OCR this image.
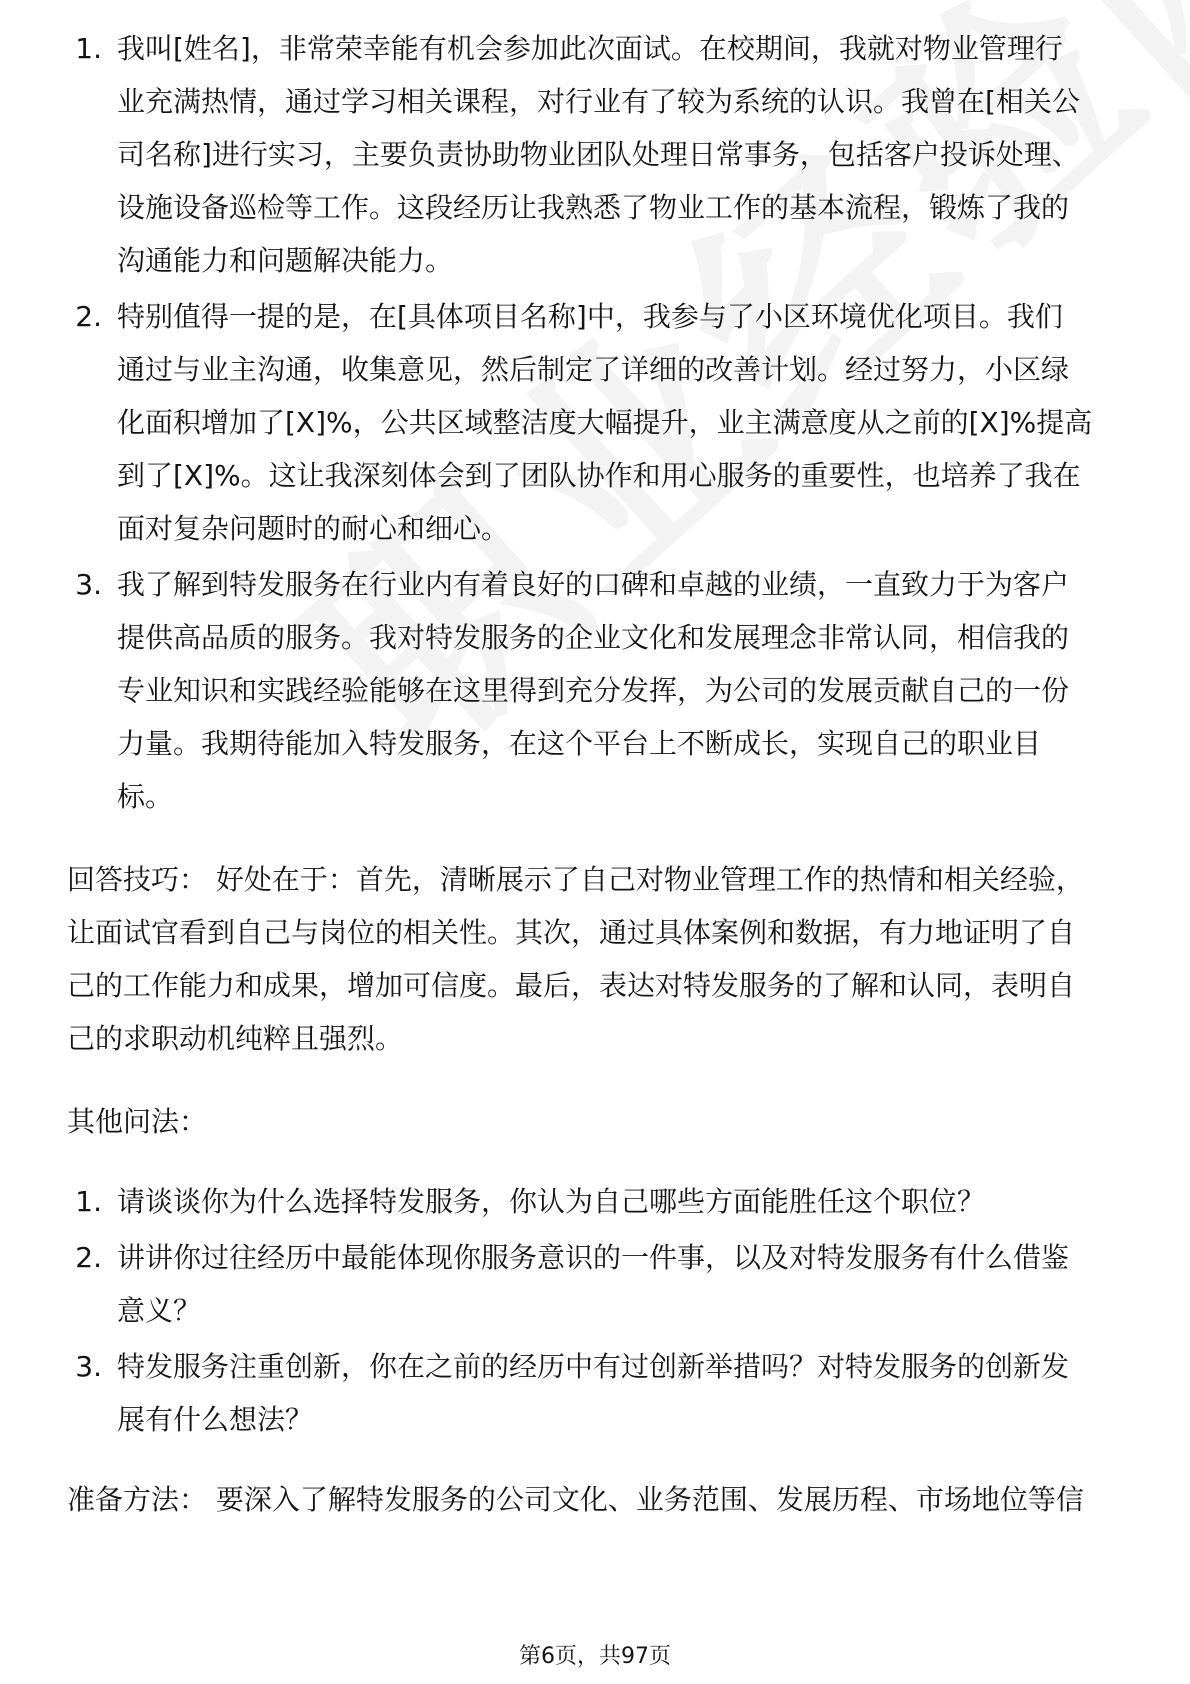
1. 我叫[姓名]，非常荣幸能有机会参加此次面试。在校期间，我就对物业管理行
业充满热情，通过学习相关课程，对行业有了较为系统的认识。我曾在[相关公
司名称]进行实习，主要负责协助物业团队处理日常事务，包括客户投诉处理、
设施设备巡检等工作。这段经历让我熟悉了物业工作的基本流程，锻炼了我的
沟通能力和问题解决能力。
2. 特别值得一提的是，在[具体项目名称]中，我参与了小区环境优化项目。我们
通过与业主沟通，收集意见，然后制定了详细的改善计划。经过努力，小区绿
化面积增加了[X]%，公共区域整洁度大幅提升，业主满意度从之前的[X]%提高
到了[X]%。这让我深刻体会到了团队协作和用心服务的重要性，也培养了我在
面对复杂问题时的耐心和细心。
3. 我了解到特发服务在行业内有着良好的口碑和卓越的业绩，一直致力于为客户
提供高品质的服务。我对特发服务的企业文化和发展理念非常认同，相信我的
专业知识和实践经验能够在这里得到充分发挥，为公司的发展贡献自己的一份
力量。我期待能加入特发服务，在这个平台上不断成长，实现自己的职业目
标。
回答技巧： 好处在于：首先，清晰展示了自己对物业管理工作的热情和相关经验，
让面试官看到自己与岗位的相关性。其次，通过具体案例和数据，有力地证明了自
己的工作能力和成果，增加可信度。最后，表达对特发服务的了解和认同，表明自
己的求职动机纯粹且强烈。
其他问法：
1. 请谈谈你为什么选择特发服务，你认为自己哪些方面能胜任这个职位？
2. 讲讲你过往经历中最能体现你服务意识的一件事，以及对特发服务有什么借鉴
意义？
3. 特发服务注重创新，你在之前的经历中有过创新举措吗？对特发服务的创新发
展有什么想法？
准备方法： 要深入了解特发服务的公司文化、业务范围、发展历程、市场地位等信
第6页，共97页
